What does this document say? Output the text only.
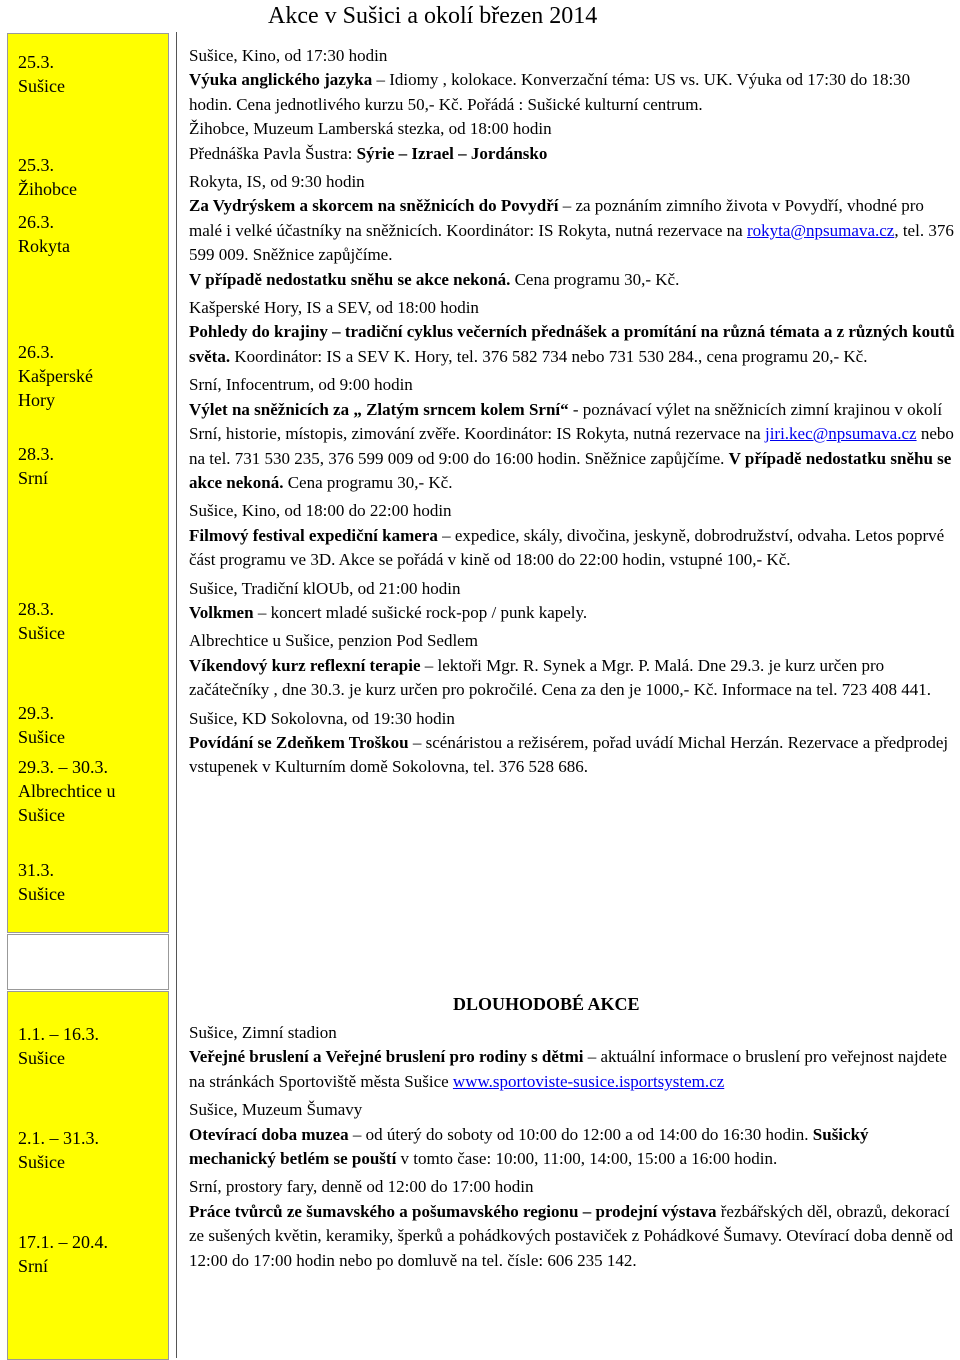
Akce v Sušici a okolí březen 2014
25.3.
Sušice
25.3.
Žihobce
26.3.
Rokyta
26.3.
Kašperské
Hory
28.3.
Srní
28.3.
Sušice
29.3.
Sušice
29.3. – 30.3.
Albrechtice u
Sušice
31.3.
Sušice
1.1. – 16.3.
Sušice
2.1. – 31.3.
Sušice
17.1. – 20.4.
Srní

Sušice, Kino, od 17:30 hodin

Výuka anglického jazyka – Idiomy , kolokace. Konverzační téma: US vs. UK. Výuka od 17:30 do 18:30 hodin. Cena jednotlivého kurzu 50,- Kč. Pořádá : Sušické kulturní centrum.

Žihobce, Muzeum Lamberská stezka, od 18:00 hodin

Přednáška Pavla Šustra: Sýrie – Izrael – Jordánsko

Rokyta, IS, od 9:30 hodin

Za Vydrýskem a skorcem na sněžnicích do Povydří – za poznáním zimního života v Povydří, vhodné pro malé i velké účastníky na sněžnicích. Koordinátor: IS Rokyta, nutná rezervace na rokyta@npsumava.cz, tel. 376 599 009. Sněžnice zapůjčíme.
V případě nedostatku sněhu se akce nekoná. Cena programu 30,- Kč.

Kašperské Hory, IS a SEV, od 18:00 hodin

Pohledy do krajiny – tradiční cyklus večerních přednášek a promítání na různá témata a z různých koutů světa. Koordinátor: IS a SEV K. Hory, tel. 376 582 734 nebo 731 530 284., cena programu 20,- Kč.

Srní, Infocentrum, od 9:00 hodin

Výlet na sněžnicích za „ Zlatým srncem kolem Srní“ - poznávací výlet na sněžnicích zimní krajinou v okolí Srní, historie, místopis, zimování zvěře. Koordinátor: IS Rokyta, nutná rezervace na jiri.kec@npsumava.cz nebo na tel. 731 530 235, 376 599 009 od 9:00 do 16:00 hodin. Sněžnice zapůjčíme. V případě nedostatku sněhu se akce nekoná. Cena programu 30,- Kč.

Sušice, Kino, od 18:00 do 22:00 hodin

Filmový festival expediční kamera – expedice, skály, divočina, jeskyně, dobrodružství, odvaha. Letos poprvé část programu ve 3D. Akce se pořádá v kině od 18:00 do 22:00 hodin, vstupné 100,- Kč.

Sušice, Tradiční klOUb, od 21:00 hodin

Volkmen – koncert mladé sušické rock-pop / punk kapely.

Albrechtice u Sušice, penzion Pod Sedlem

Víkendový kurz reflexní terapie – lektoři Mgr. R. Synek a Mgr. P. Malá. Dne 29.3. je kurz určen pro začátečníky , dne 30.3. je kurz určen pro pokročilé. Cena za den je 1000,- Kč. Informace na tel. 723 408 441.

Sušice, KD Sokolovna, od 19:30 hodin

Povídání se Zdeňkem Troškou – scénáristou a režisérem, pořad uvádí Michal Herzán. Rezervace a předprodej vstupenek v Kulturním domě Sokolovna, tel. 376 528 686.

DLOUHODOBÉ AKCE

Sušice, Zimní stadion

Veřejné bruslení a Veřejné bruslení pro rodiny s dětmi – aktuální informace o bruslení pro veřejnost najdete na stránkách Sportoviště města Sušice www.sportoviste-susice.isportsystem.cz

Sušice, Muzeum Šumavy

Otevírací doba muzea – od úterý do soboty od 10:00 do 12:00 a od 14:00 do 16:30 hodin. Sušický mechanický betlém se pouští v tomto čase: 10:00, 11:00, 14:00, 15:00 a 16:00 hodin.

Srní, prostory fary, denně od 12:00 do 17:00 hodin

Práce tvůrců ze šumavského a pošumavského regionu – prodejní výstava řezbářských děl, obrazů, dekorací ze sušených květin, keramiky, šperků a pohádkových postaviček z Pohádkové Šumavy. Otevírací doba denně od 12:00 do 17:00 hodin nebo po domluvě na tel. čísle: 606 235 142.
